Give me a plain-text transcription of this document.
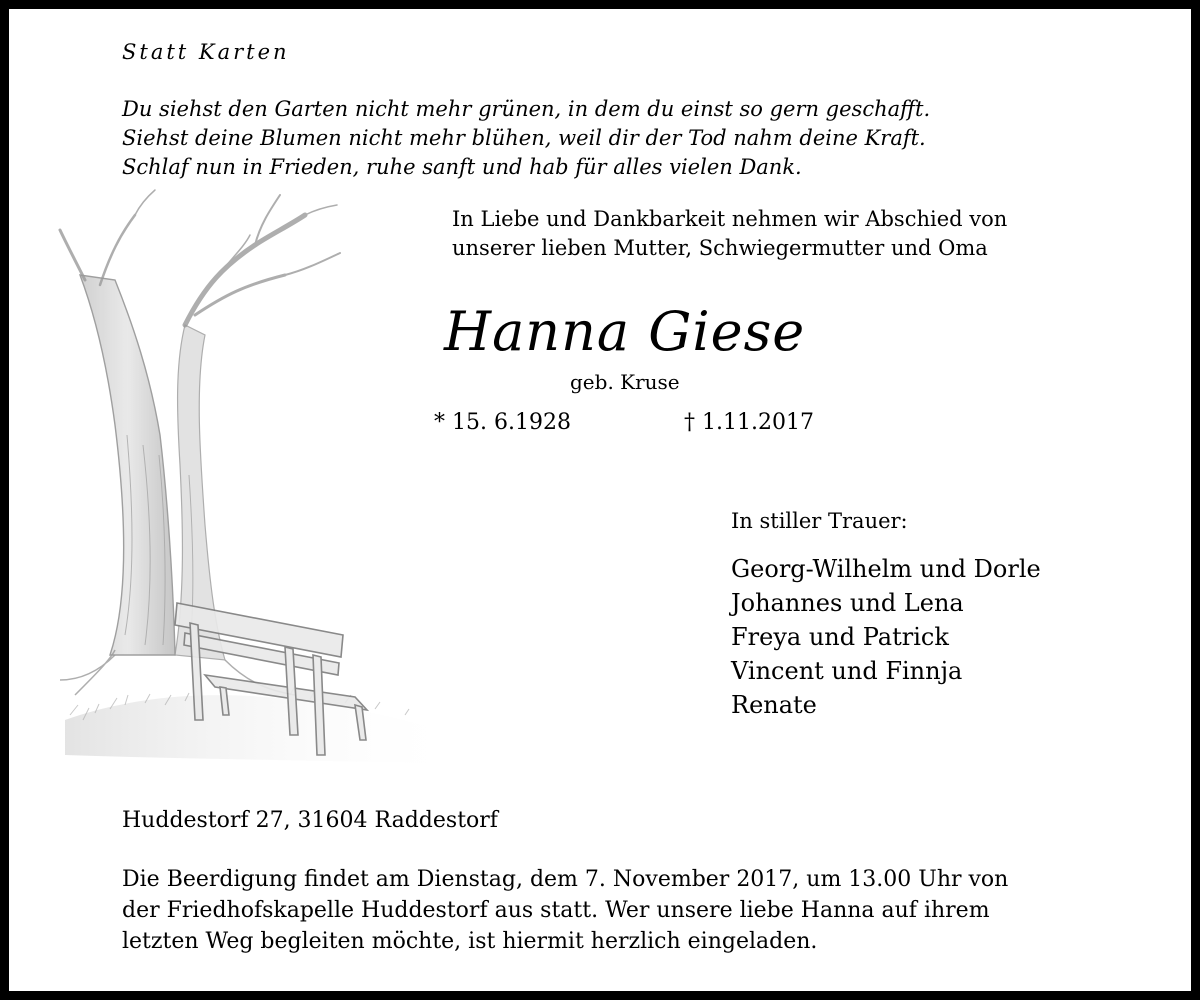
Statt Karten
Du siehst den Garten nicht mehr grünen, in dem du einst so gern geschafft.
Siehst deine Blumen nicht mehr blühen, weil dir der Tod nahm deine Kraft.
Schlaf nun in Frieden, ruhe sanft und hab für alles vielen Dank.
In Liebe und Dankbarkeit nehmen wir Abschied von
unserer lieben Mutter, Schwiegermutter und Oma
Hanna Giese
geb. Kruse
* 15. 6.1928	† 1.11.2017
In stiller Trauer:
Georg-Wilhelm und Dorle
Johannes und Lena
Freya und Patrick
Vincent und Finnja
Renate
Huddestorf 27, 31604 Raddestorf
Die Beerdigung findet am Dienstag, dem 7. November 2017, um 13.00 Uhr von
der Friedhofskapelle Huddestorf aus statt. Wer unsere liebe Hanna auf ihrem
letzten Weg begleiten möchte, ist hiermit herzlich eingeladen.
